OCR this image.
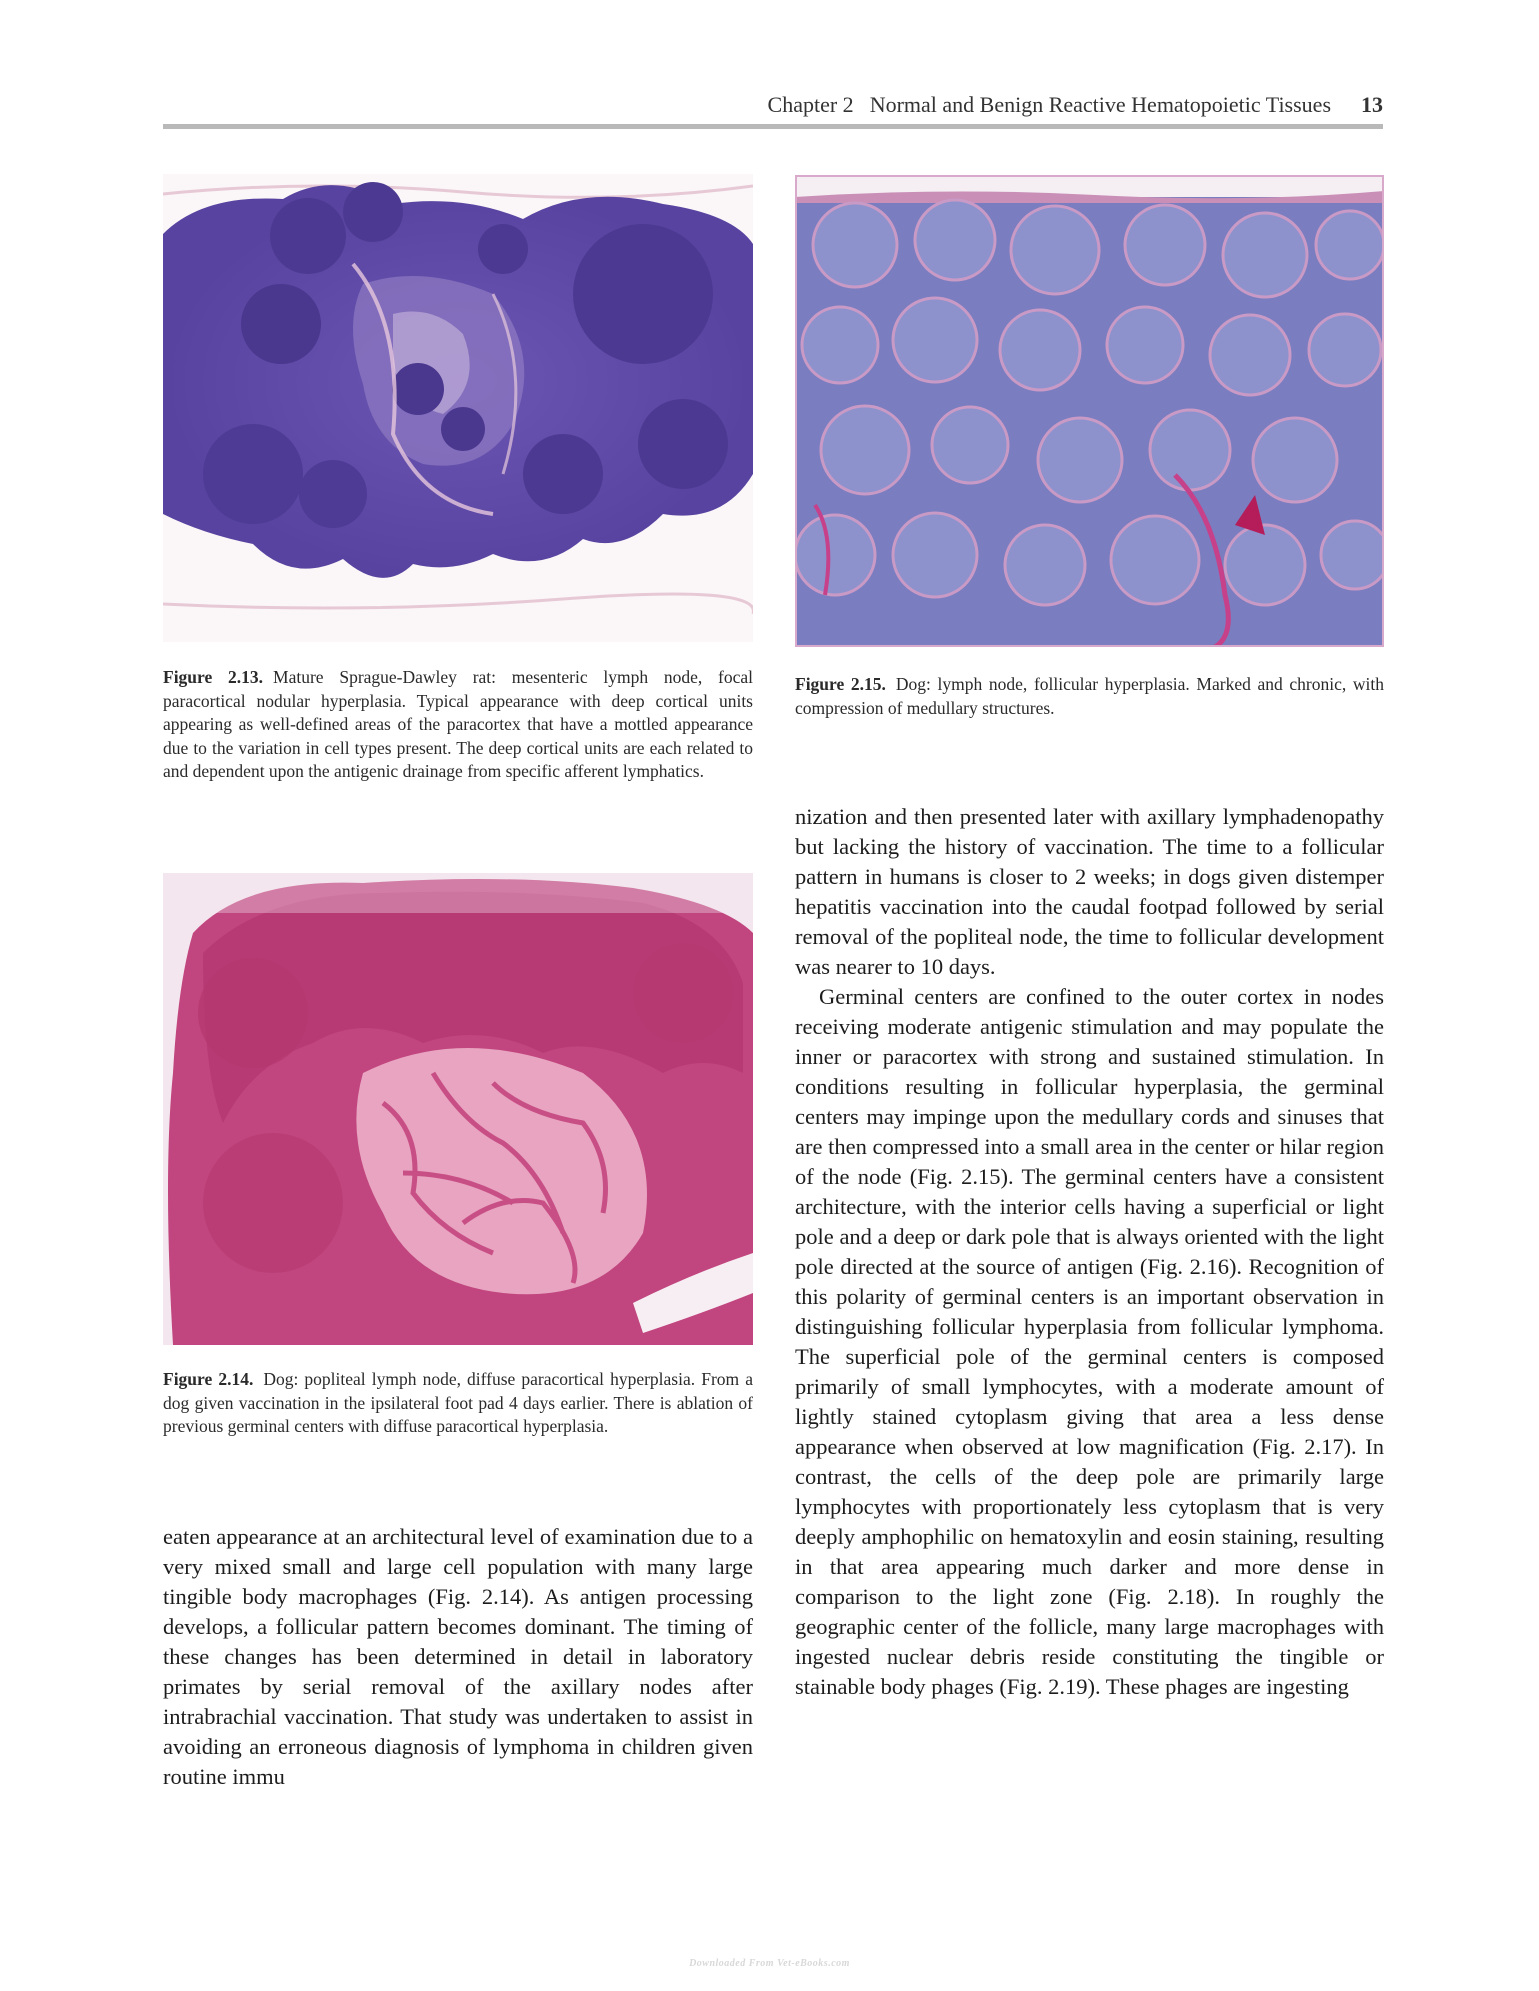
Chapter 2 Normal and Benign Reactive Hematopoietic Tissues 13
Figure 2.13. Mature Sprague-Dawley rat: mesenteric lymph node, focal paracortical nodular hyperplasia. Typical appearance with deep cortical units appearing as well-defined areas of the paracortex that have a mottled appearance due to the variation in cell types present. The deep cortical units are each related to and dependent upon the antigenic drainage from specific afferent lymphatics.
Figure 2.15. Dog: lymph node, follicular hyperplasia. Marked and chronic, with compression of medullary structures.
Figure 2.14. Dog: popliteal lymph node, diffuse paracortical hyperplasia. From a dog given vaccination in the ipsilateral foot pad 4 days earlier. There is ablation of previous germinal centers with diffuse paracortical hyperplasia.

eaten appearance at an architectural level of examination due to a very mixed small and large cell population with many large tingible body macrophages (Fig. 2.14). As antigen processing develops, a follicular pattern becomes dominant. The timing of these changes has been determined in detail in laboratory primates by serial removal of the axillary nodes after intrabrachial vaccination. That study was undertaken to assist in avoiding an erroneous diagnosis of lymphoma in children given routine immu

nization and then presented later with axillary lymphadenopathy but lacking the history of vaccination. The time to a follicular pattern in humans is closer to 2 weeks; in dogs given distemper hepatitis vaccination into the caudal footpad followed by serial removal of the popliteal node, the time to follicular development was nearer to 10 days.

Germinal centers are confined to the outer cortex in nodes receiving moderate antigenic stimulation and may populate the inner or paracortex with strong and sustained stimulation. In conditions resulting in follicular hyperplasia, the germinal centers may impinge upon the medullary cords and sinuses that are then compressed into a small area in the center or hilar region of the node (Fig. 2.15). The germinal centers have a consistent architecture, with the interior cells having a superficial or light pole and a deep or dark pole that is always oriented with the light pole directed at the source of antigen (Fig. 2.16). Recognition of this polarity of germinal centers is an important observation in distinguishing follicular hyperplasia from follicular lymphoma. The superficial pole of the germinal centers is composed primarily of small lymphocytes, with a moderate amount of lightly stained cytoplasm giving that area a less dense appearance when observed at low magnification (Fig. 2.17). In contrast, the cells of the deep pole are primarily large lymphocytes with proportionately less cytoplasm that is very deeply amphophilic on hematoxylin and eosin staining, resulting in that area appearing much darker and more dense in comparison to the light zone (Fig. 2.18). In roughly the geographic center of the follicle, many large macrophages with ingested nuclear debris reside constituting the tingible or stainable body phages (Fig. 2.19). These phages are ingesting

Downloaded From Vet-eBooks.com
